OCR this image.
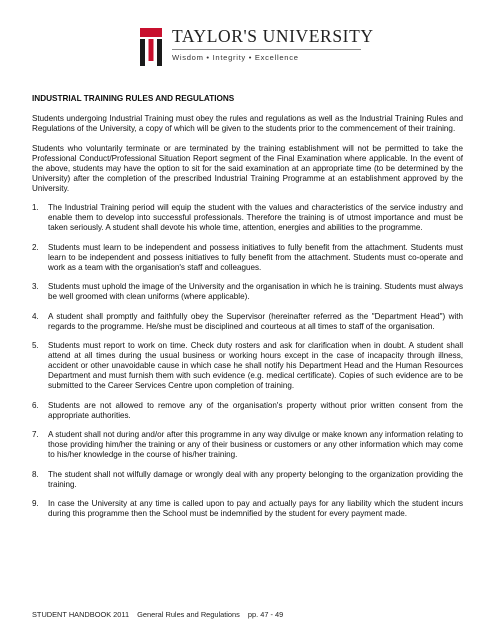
TAYLOR'S UNIVERSITY
Wisdom • Integrity • Excellence
INDUSTRIAL TRAINING RULES AND REGULATIONS

Students undergoing Industrial Training must obey the rules and regulations as well as the Industrial Training Rules and Regulations of the University, a copy of which will be given to the students prior to the commencement of their training.

Students who voluntarily terminate or are terminated by the training establishment will not be permitted to take the Professional Conduct/Professional Situation Report segment of the Final Examination where applicable. In the event of the above, students may have the option to sit for the said examination at an appropriate time (to be determined by the University) after the completion of the prescribed Industrial Training Programme at an establishment approved by the University.

1. The Industrial Training period will equip the student with the values and characteristics of the service industry and enable them to develop into successful professionals. Therefore the training is of utmost importance and must be taken seriously. A student shall devote his whole time, attention, energies and abilities to the programme.
2. Students must learn to be independent and possess initiatives to fully benefit from the attachment. Students must learn to be independent and possess initiatives to fully benefit from the attachment. Students must co-operate and work as a team with the organisation's staff and colleagues.
3. Students must uphold the image of the University and the organisation in which he is training. Students must always be well groomed with clean uniforms (where applicable).
4. A student shall promptly and faithfully obey the Supervisor (hereinafter referred as the "Department Head") with regards to the programme. He/she must be disciplined and courteous at all times to staff of the organisation.
5. Students must report to work on time. Check duty rosters and ask for clarification when in doubt. A student shall attend at all times during the usual business or working hours except in the case of incapacity through illness, accident or other unavoidable cause in which case he shall notify his Department Head and the Human Resources Department and must furnish them with such evidence (e.g. medical certificate). Copies of such evidence are to be submitted to the Career Services Centre upon completion of training.
6. Students are not allowed to remove any of the organisation's property without prior written consent from the appropriate authorities.
7. A student shall not during and/or after this programme in any way divulge or make known any information relating to those providing him/her the training or any of their business or customers or any other information which may come to his/her knowledge in the course of his/her training.
8. The student shall not wilfully damage or wrongly deal with any property belonging to the organization providing the training.
9. In case the University at any time is called upon to pay and actually pays for any liability which the student incurs during this programme then the School must be indemnified by the student for every payment made.
STUDENT HANDBOOK 2011 General Rules and Regulations pp. 47 - 49
